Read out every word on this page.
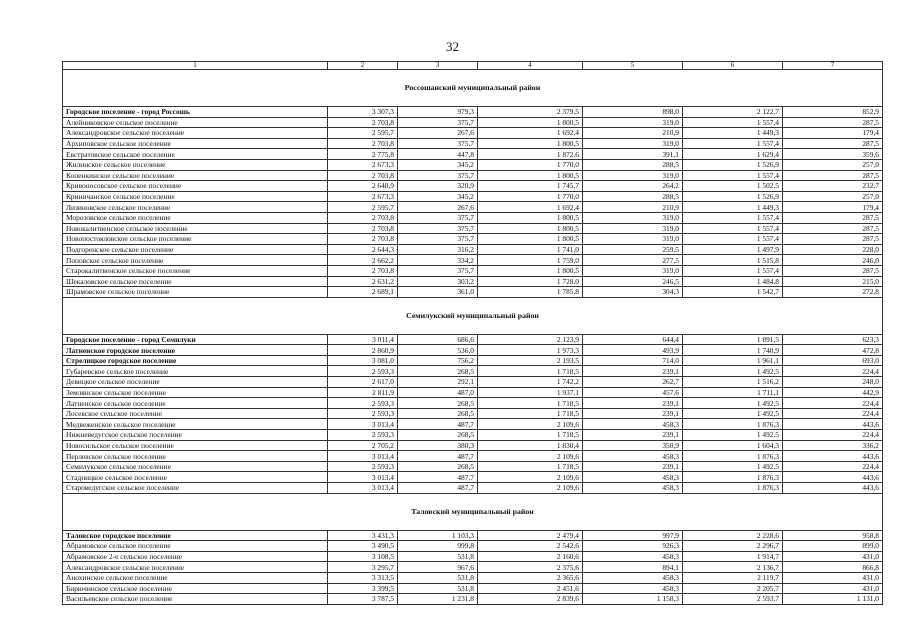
32
1	2	3	4	5	6	7
Россошанский муниципальный район						
Городское поселение - город Россошь	3 307,3	979,3	2 379,5	898,0	2 122,7	852,9
Алейниковское сельское поселение	2 703,8	375,7	1 800,5	319,0	1 557,4	287,5
Александровское сельское поселение	2 595,7	267,6	1 692,4	210,9	1 449,3	179,4
Архиповское сельское поселение	2 703,8	375,7	1 800,5	319,0	1 557,4	287,5
Евстратовское сельское поселение	2 775,8	447,8	1 872,6	391,1	1 629,4	359,6
Жилинское сельское поселение	2 673,3	345,2	1 770,0	288,5	1 526,9	257,0
Копенкинское сельское поселение	2 703,8	375,7	1 800,5	319,0	1 557,4	287,5
Кривоносовское сельское поселение	2 648,9	320,9	1 745,7	264,2	1 502,5	232,7
Криничанское сельское поселение	2 673,3	345,2	1 770,0	288,5	1 526,9	257,0
Лизиновское сельское поселение	2 595,7	267,6	1 692,4	210,9	1 449,3	179,4
Морозовское сельское поселение	2 703,8	375,7	1 800,5	319,0	1 557,4	287,5
Новокалитвенское сельское поселение	2 703,8	375,7	1 800,5	319,0	1 557,4	287,5
Новопостояловское сельское поселение	2 703,8	375,7	1 800,5	319,0	1 557,4	287,5
Подгоренское сельское поселение	2 644,3	316,2	1 741,0	259,5	1 497,9	228,0
Поповское сельское поселение	2 662,2	334,2	1 759,0	277,5	1 515,8	246,0
Старокалитвенское сельское поселение	2 703,8	375,7	1 800,5	319,0	1 557,4	287,5
Шекаловское сельское поселение	2 631,2	303,2	1 728,0	246,5	1 484,8	215,0
Шрамовское сельское поселение	2 689,1	361,0	1 785,8	304,3	1 542,7	272,8
Семилукский муниципальный район						
Городское поселение - город Семилуки	3 011,4	686,6	2 123,9	644,4	1 891,5	623,3
Латненское городское поселение	2 860,9	536,0	1 973,3	493,9	1 740,9	472,8
Стрелицкое городское поселение	3 081,0	756,2	2 193,5	714,0	1 961,1	693,0
Губаревское сельское поселение	2 593,3	268,5	1 718,5	239,1	1 492,5	224,4
Девицкое сельское поселение	2 617,0	292,1	1 742,2	262,7	1 516,2	248,0
Землянское сельское поселение	2 811,9	487,0	1 937,1	457,6	1 711,1	442,9
Латненское сельское поселение	2 593,3	268,5	1 718,5	239,1	1 492,5	224,4
Лосевское сельское поселение	2 593,3	268,5	1 718,5	239,1	1 492,5	224,4
Медвеженское сельское поселение	3 013,4	487,7	2 109,6	458,3	1 876,3	443,6
Нижневедугское сельское поселение	2 593,3	268,5	1 718,5	239,1	1 492,5	224,4
Новосильское сельское поселение	2 705,2	380,3	1 830,4	350,9	1 604,3	336,2
Перлевское сельское поселение	3 013,4	487,7	2 109,6	458,3	1 876,3	443,6
Семилукское сельское поселение	2 593,3	268,5	1 718,5	239,1	1 492,5	224,4
Стадницкое сельское поселение	3 013,4	487,7	2 109,6	458,3	1 876,3	443,6
Староведугское сельское поселение	3 013,4	487,7	2 109,6	458,3	1 876,3	443,6
Таловский муниципальный район						
Таловское городское поселение	3 431,3	1 103,3	2 479,4	997,9	2 228,6	958,8
Абрамовское сельское поселение	3 490,5	999,8	2 542,6	926,3	2 296,7	899,0
Абрамовское 2-е сельское поселение	3 108,5	531,8	2 160,6	458,3	1 914,7	431,0
Александровское сельское поселение	3 295,7	967,6	2 375,6	894,1	2 136,7	866,8
Анохинское сельское поселение	3 313,5	531,8	2 365,6	458,3	2 119,7	431,0
Бирючинское сельское поселение	3 399,5	531,8	2 451,6	458,3	2 205,7	431,0
Васильевское сельское поселение	3 787,5	1 231,8	2 839,6	1 158,3	2 593,7	1 131,0
